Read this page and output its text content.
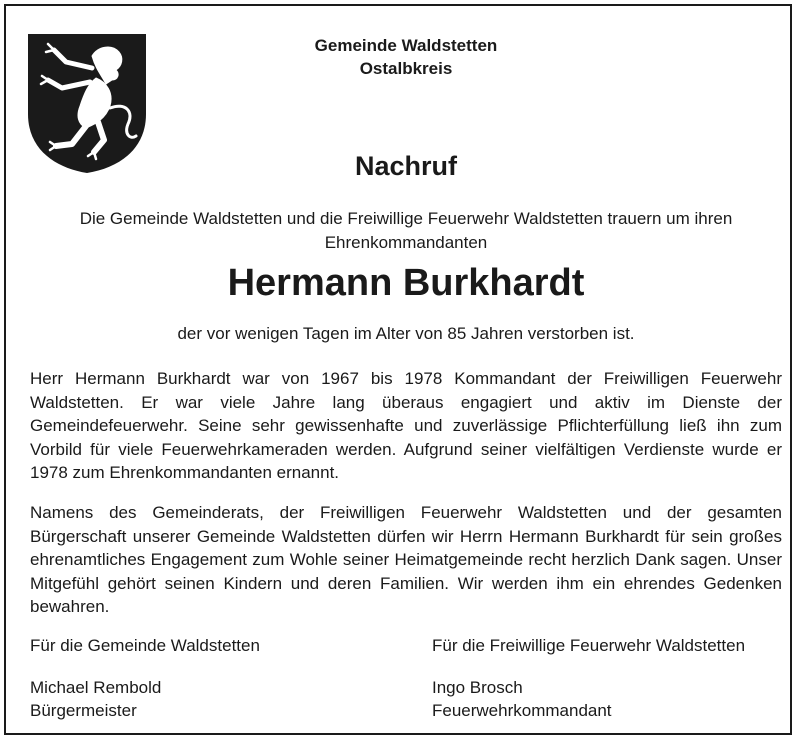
Gemeinde Waldstetten
Ostalbkreis
Nachruf
Die Gemeinde Waldstetten und die Freiwillige Feuerwehr Waldstetten trauern um ihren Ehrenkommandanten
Hermann Burkhardt
der vor wenigen Tagen im Alter von 85 Jahren verstorben ist.
Herr Hermann Burkhardt war von 1967 bis 1978 Kommandant der Freiwilligen Feuerwehr Waldstetten. Er war viele Jahre lang überaus engagiert und aktiv im Dienste der Gemeindefeuerwehr. Seine sehr gewissenhafte und zuverlässige Pflichterfüllung ließ ihn zum Vorbild für viele Feuerwehrkameraden werden. Aufgrund seiner vielfältigen Verdienste wurde er 1978 zum Ehrenkommandanten ernannt.
Namens des Gemeinderats, der Freiwilligen Feuerwehr Waldstetten und der gesamten Bürgerschaft unserer Gemeinde Waldstetten dürfen wir Herrn Hermann Burkhardt für sein großes ehrenamtliches Engagement zum Wohle seiner Heimatgemeinde recht herzlich Dank sagen. Unser Mitgefühl gehört seinen Kindern und deren Familien. Wir werden ihm ein ehrendes Gedenken bewahren.
Für die Gemeinde Waldstetten
Michael Rembold
Bürgermeister
Für die Freiwillige Feuerwehr Waldstetten
Ingo Brosch
Feuerwehrkommandant
